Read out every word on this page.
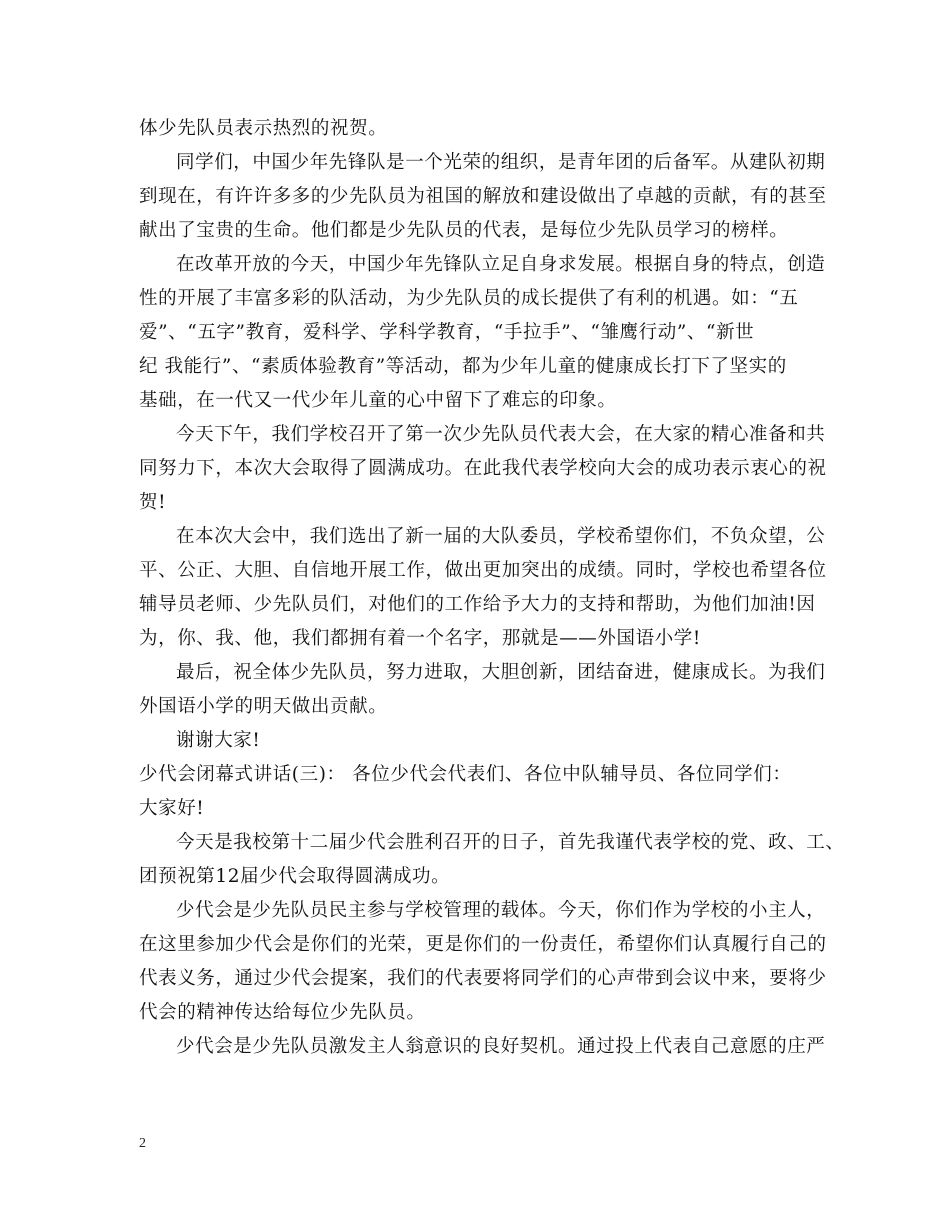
体少先队员表示热烈的祝贺。
同学们，中国少年先锋队是一个光荣的组织，是青年团的后备军。从建队初期
到现在，有许许多多的少先队员为祖国的解放和建设做出了卓越的贡献，有的甚至
献出了宝贵的生命。他们都是少先队员的代表，是每位少先队员学习的榜样。
在改革开放的今天，中国少年先锋队立足自身求发展。根据自身的特点，创造
性的开展了丰富多彩的队活动，为少先队员的成长提供了有利的机遇。如：“五
爱”、“五字”教育，爱科学、学科学教育，“手拉手”、“雏鹰行动”、“新世
纪 我能行”、“素质体验教育”等活动，都为少年儿童的健康成长打下了坚实的
基础，在一代又一代少年儿童的心中留下了难忘的印象。
今天下午，我们学校召开了第一次少先队员代表大会，在大家的精心准备和共
同努力下，本次大会取得了圆满成功。在此我代表学校向大会的成功表示衷心的祝
贺!
在本次大会中，我们选出了新一届的大队委员，学校希望你们，不负众望，公
平、公正、大胆、自信地开展工作，做出更加突出的成绩。同时，学校也希望各位
辅导员老师、少先队员们，对他们的工作给予大力的支持和帮助，为他们加油!因
为，你、我、他，我们都拥有着一个名字，那就是——外国语小学!
最后，祝全体少先队员，努力进取，大胆创新，团结奋进，健康成长。为我们
外国语小学的明天做出贡献。
谢谢大家!
少代会闭幕式讲话(三)： 各位少代会代表们、各位中队辅导员、各位同学们：
大家好!
今天是我校第十二届少代会胜利召开的日子，首先我谨代表学校的党、政、工、
团预祝第12届少代会取得圆满成功。
少代会是少先队员民主参与学校管理的载体。今天，你们作为学校的小主人，
在这里参加少代会是你们的光荣，更是你们的一份责任，希望你们认真履行自己的
代表义务，通过少代会提案，我们的代表要将同学们的心声带到会议中来，要将少
代会的精神传达给每位少先队员。
少代会是少先队员激发主人翁意识的良好契机。通过投上代表自己意愿的庄严
2
